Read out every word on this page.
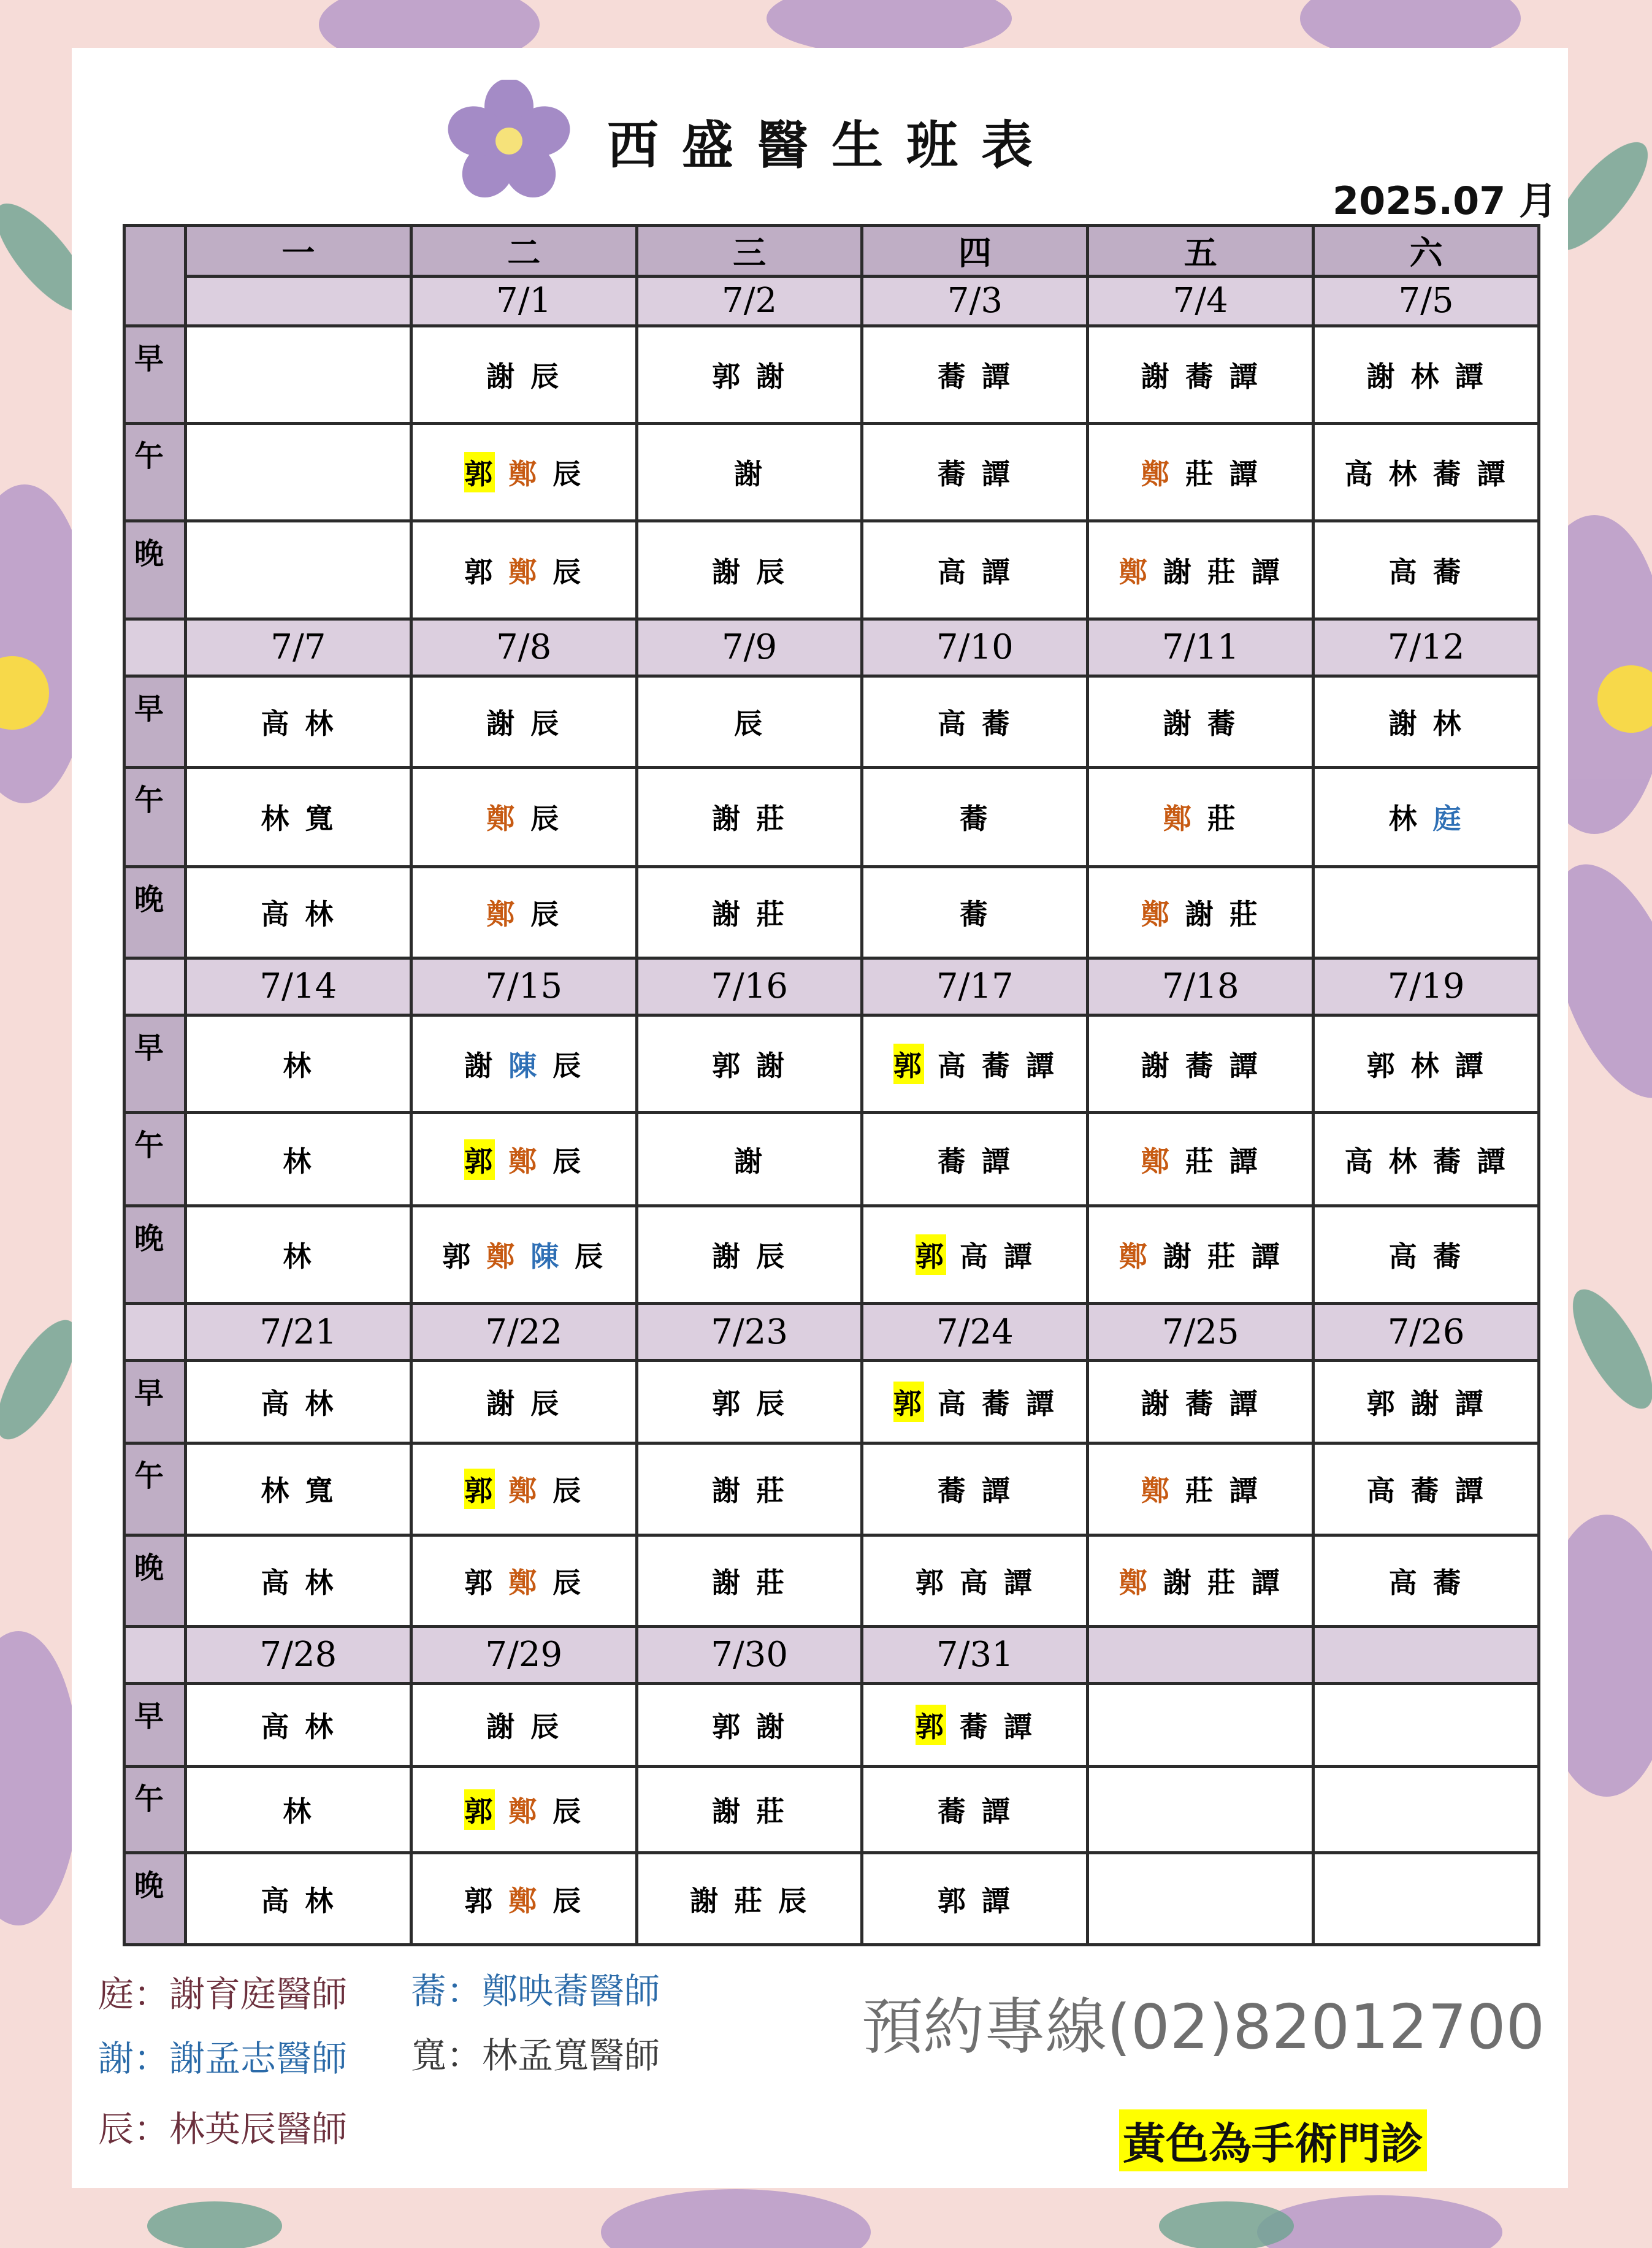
西盛醫生班表
2025.07 月
	一	二	三	四	五	六
		7/1	7/2	7/3	7/4	7/5
早		謝 辰	郭 謝	蕎 譚	謝 蕎 譚	謝 林 譚
午		郭 鄭 辰	謝	蕎 譚	鄭 莊 譚	高 林 蕎 譚
晚		郭 鄭 辰	謝 辰	高 譚	鄭 謝 莊 譚	高 蕎
	7/7	7/8	7/9	7/10	7/11	7/12
早	高 林	謝 辰	辰	高 蕎	謝 蕎	謝 林
午	林 寬	鄭 辰	謝 莊	蕎	鄭 莊	林 庭
晚	高 林	鄭 辰	謝 莊	蕎	鄭 謝 莊	
	7/14	7/15	7/16	7/17	7/18	7/19
早	林	謝 陳 辰	郭 謝	郭 高 蕎 譚	謝 蕎 譚	郭 林 譚
午	林	郭 鄭 辰	謝	蕎 譚	鄭 莊 譚	高 林 蕎 譚
晚	林	郭 鄭 陳 辰	謝 辰	郭 高 譚	鄭 謝 莊 譚	高 蕎
	7/21	7/22	7/23	7/24	7/25	7/26
早	高 林	謝 辰	郭 辰	郭 高 蕎 譚	謝 蕎 譚	郭 謝 譚
午	林 寬	郭 鄭 辰	謝 莊	蕎 譚	鄭 莊 譚	高 蕎 譚
晚	高 林	郭 鄭 辰	謝 莊	郭 高 譚	鄭 謝 莊 譚	高 蕎
	7/28	7/29	7/30	7/31		
早	高 林	謝 辰	郭 謝	郭 蕎 譚		
午	林	郭 鄭 辰	謝 莊	蕎 譚		
晚	高 林	郭 鄭 辰	謝 莊 辰	郭 譚		
庭：謝育庭醫師
謝：謝孟志醫師
辰：林英辰醫師
蕎：鄭映蕎醫師
寬：林孟寬醫師	預約專線(02)82012700
黃色為手術門診
